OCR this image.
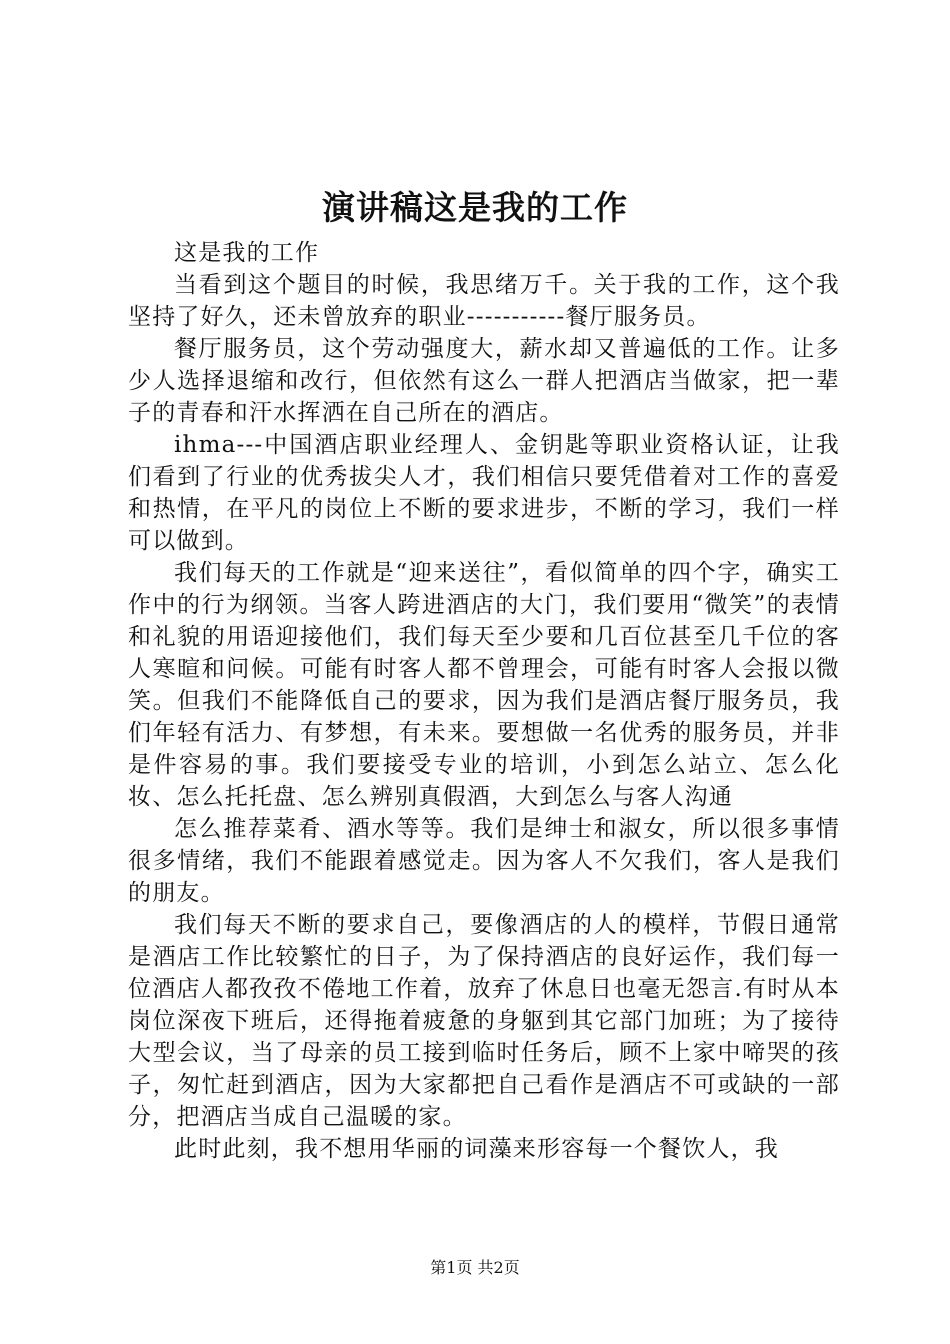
演讲稿这是我的工作

这是我的工作

当看到这个题目的时候，我思绪万千。关于我的工作，这个我坚持了好久，还未曾放弃的职业-----------餐厅服务员。

餐厅服务员，这个劳动强度大，薪水却又普遍低的工作。让多少人选择退缩和改行，但依然有这么一群人把酒店当做家，把一辈子的青春和汗水挥洒在自己所在的酒店。

ihma---中国酒店职业经理人、金钥匙等职业资格认证，让我们看到了行业的优秀拔尖人才，我们相信只要凭借着对工作的喜爱和热情，在平凡的岗位上不断的要求进步，不断的学习，我们一样可以做到。

我们每天的工作就是“迎来送往”，看似简单的四个字，确实工作中的行为纲领。当客人跨进酒店的大门，我们要用“微笑”的表情和礼貌的用语迎接他们，我们每天至少要和几百位甚至几千位的客人寒暄和问候。可能有时客人都不曾理会，可能有时客人会报以微笑。但我们不能降低自己的要求，因为我们是酒店餐厅服务员，我们年轻有活力、有梦想，有未来。要想做一名优秀的服务员，并非是件容易的事。我们要接受专业的培训，小到怎么站立、怎么化妆、怎么托托盘、怎么辨别真假酒，大到怎么与客人沟通

怎么推荐菜肴、酒水等等。我们是绅士和淑女，所以很多事情很多情绪，我们不能跟着感觉走。因为客人不欠我们，客人是我们的朋友。

我们每天不断的要求自己，要像酒店的人的模样，节假日通常是酒店工作比较繁忙的日子，为了保持酒店的良好运作，我们每一位酒店人都孜孜不倦地工作着，放弃了休息日也毫无怨言.有时从本岗位深夜下班后，还得拖着疲惫的身躯到其它部门加班；为了接待大型会议，当了母亲的员工接到临时任务后，顾不上家中啼哭的孩子，匆忙赶到酒店，因为大家都把自己看作是酒店不可或缺的一部分，把酒店当成自己温暖的家。

此时此刻，我不想用华丽的词藻来形容每一个餐饮人，我

第1页 共2页
